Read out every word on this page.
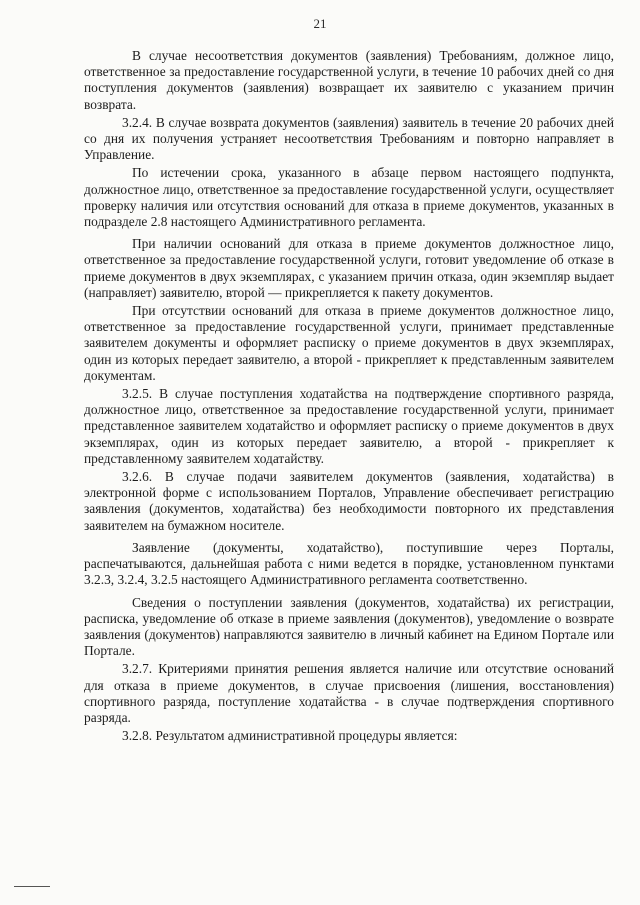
21

В случае несоответствия документов (заявления) Требованиям, должное лицо, ответственное за предоставление государственной услуги, в течение 10 рабочих дней со дня поступления документов (заявления) возвращает их заявителю с указанием причин возврата.

3.2.4. В случае возврата документов (заявления) заявитель в течение 20 рабочих дней со дня их получения устраняет несоответствия Требованиям и повторно направляет в Управление.

По истечении срока, указанного в абзаце первом настоящего подпункта, должностное лицо, ответственное за предоставление государственной услуги, осуществляет проверку наличия или отсутствия оснований для отказа в приеме документов, указанных в подразделе 2.8 настоящего Административного регламента.

При наличии оснований для отказа в приеме документов должностное лицо, ответственное за предоставление государственной услуги, готовит уведомление об отказе в приеме документов в двух экземплярах, с указанием причин отказа, один экземпляр выдает (направляет) заявителю, второй — прикрепляется к пакету документов.

При отсутствии оснований для отказа в приеме документов должностное лицо, ответственное за предоставление государственной услуги, принимает представленные заявителем документы и оформляет расписку о приеме документов в двух экземплярах, один из которых передает заявителю, а второй - прикрепляет к представленным заявителем документам.

3.2.5. В случае поступления ходатайства на подтверждение спортивного разряда, должностное лицо, ответственное за предоставление государственной услуги, принимает представленное заявителем ходатайство и оформляет расписку о приеме документов в двух экземплярах, один из которых передает заявителю, а второй - прикрепляет к представленному заявителем ходатайству.

3.2.6. В случае подачи заявителем документов (заявления, ходатайства) в электронной форме с использованием Порталов, Управление обеспечивает регистрацию заявления (документов, ходатайства) без необходимости повторного их представления заявителем на бумажном носителе.

Заявление (документы, ходатайство), поступившие через Порталы, распечатываются, дальнейшая работа с ними ведется в порядке, установленном пунктами 3.2.3, 3.2.4, 3.2.5 настоящего Административного регламента соответственно.

Сведения о поступлении заявления (документов, ходатайства) их регистрации, расписка, уведомление об отказе в приеме заявления (документов), уведомление о возврате заявления (документов) направляются заявителю в личный кабинет на Едином Портале или Портале.

3.2.7. Критериями принятия решения является наличие или отсутствие оснований для отказа в приеме документов, в случае присвоения (лишения, восстановления) спортивного разряда, поступление ходатайства - в случае подтверждения спортивного разряда.

3.2.8. Результатом административной процедуры является:
